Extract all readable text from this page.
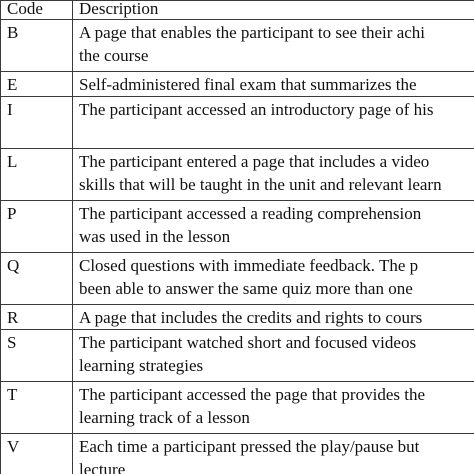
Code	Description
B	A page that enables the participant to see their achi
the course

E	Self-administered final exam that summarizes the

I	The participant accessed an introductory page of his

L	The participant entered a page that includes a video
skills that will be taught in the unit and relevant learn

P	The participant accessed a reading comprehension
was used in the lesson

Q	Closed questions with immediate feedback. The p
been able to answer the same quiz more than one

R	A page that includes the credits and rights to cours

S	The participant watched short and focused videos
learning strategies

T	The participant accessed the page that provides the
learning track of a lesson

V	Each time a participant pressed the play/pause but
lecture
